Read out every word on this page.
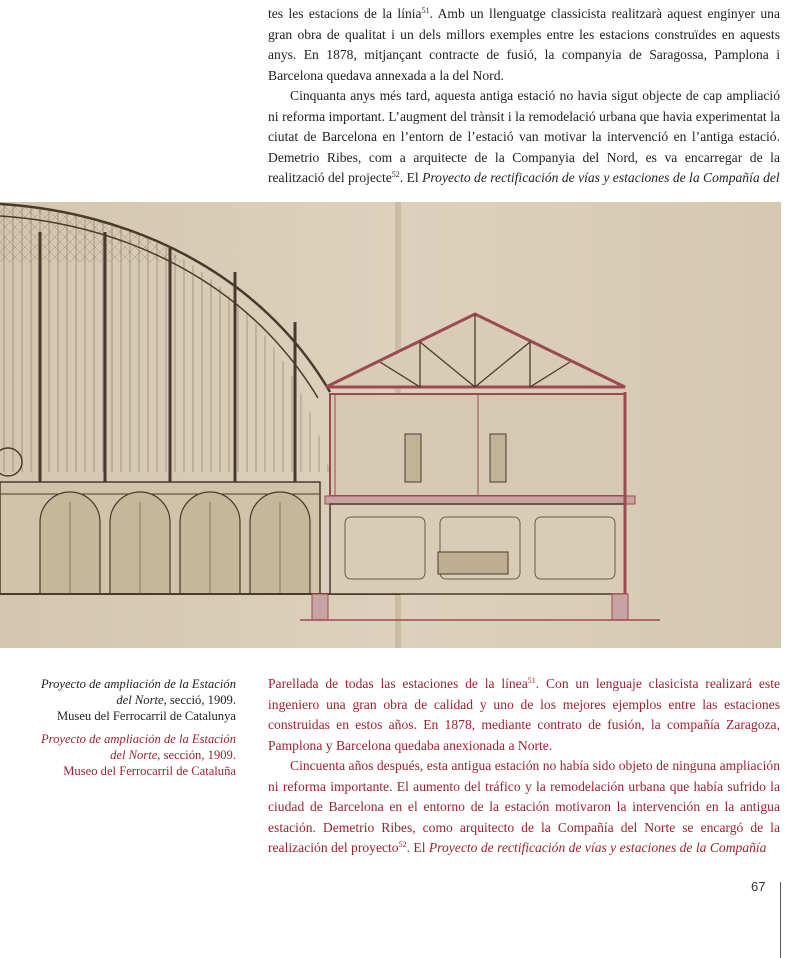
tes les estacions de la línia$^{51}$. Amb un llenguatge classicista realitzarà aquest enginyer una gran obra de qualitat i un dels millors exemples entre les estacions construïdes en aquests anys. En 1878, mitjançant contracte de fusió, la companyia de Saragossa, Pamplona i Barcelona quedava annexada a la del Nord.

Cinquanta anys més tard, aquesta antiga estació no havia sigut objecte de cap ampliació ni reforma important. L’augment del trànsit i la remodelació urbana que havia experimentat la ciutat de Barcelona en l’entorn de l’estació van motivar la intervenció en l’antiga estació. Demetrio Ribes, com a arquitecte de la Companyia del Nord, es va encarregar de la realització del projecte$^{52}$. El Proyecto de rectificación de vías y estaciones de la Compañía del

Proyecto de ampliación de la Estación del Norte, secció, 1909.
Museu del Ferrocarril de Catalunya

Proyecto de ampliación de la Estación del Norte, sección, 1909.
Museo del Ferrocarril de Cataluña

Parellada de todas las estaciones de la línea$^{51}$. Con un lenguaje clasicista realizará este ingeniero una gran obra de calidad y uno de los mejores ejemplos entre las estaciones construidas en estos años. En 1878, mediante contrato de fusión, la compañía Zaragoza, Pamplona y Barcelona quedaba anexionada a Norte.

Cincuenta años después, esta antigua estación no había sido objeto de ninguna ampliación ni reforma importante. El aumento del tráfico y la remodelación urbana que había sufrido la ciudad de Barcelona en el entorno de la estación motivaron la intervención en la antigua estación. Demetrio Ribes, como arquitecto de la Compañía del Norte se encargó de la realización del proyecto$^{52}$. El Proyecto de rectificación de vías y estaciones de la Compañía

67
